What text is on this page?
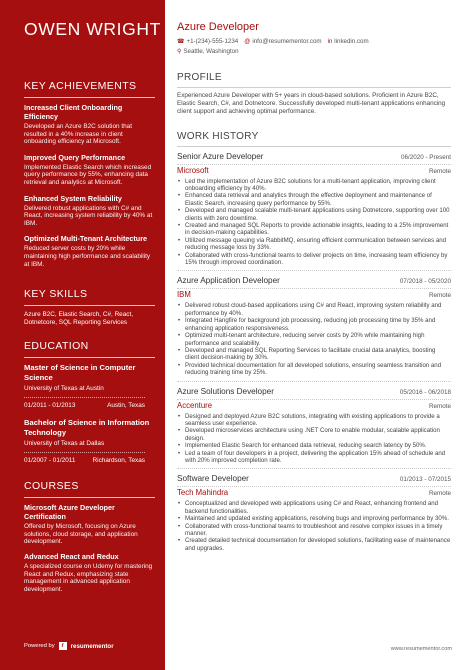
OWEN WRIGHT
KEY ACHIEVEMENTS
Increased Client Onboarding Efficiency
Developed an Azure B2C solution that resulted in a 40% increase in client onboarding efficiency at Microsoft.
Improved Query Performance
Implemented Elastic Search which increased query performance by 55%, enhancing data retrieval and analytics at Microsoft.
Enhanced System Reliability
Delivered robust applications with C# and React, increasing system reliability by 40% at IBM.
Optimized Multi-Tenant Architecture
Reduced server costs by 20% while maintaining high performance and scalability at IBM.
KEY SKILLS
Azure B2C, Elastic Search, C#, React,
Dotnetcore, SQL Reporting Services
EDUCATION
Master of Science in Computer Science
University of Texas at Austin
01/2011 - 01/2013	Austin, Texas
Bachelor of Science in Information Technology
University of Texas at Dallas
01/2007 - 01/2011	Richardson, Texas
COURSES
Microsoft Azure Developer Certification
Offered by Microsoft, focusing on Azure solutions, cloud storage, and application development.
Advanced React and Redux
A specialized course on Udemy for mastering React and Redux, emphasizing state management in advanced application development.
Powered by	r	resumementor
Azure Developer
☎ +1-(234)-555-1234 @ info@resumementor.com in linkedin.com
⚲ Seattle, Washington
PROFILE
Experienced Azure Developer with 5+ years in cloud-based solutions. Proficient in Azure B2C, Elastic Search, C#, and Dotnetcore. Successfully developed multi-tenant applications enhancing client support and achieving optimal performance.
WORK HISTORY
Senior Azure Developer	06/2020 - Present
Microsoft	Remote
• Led the implementation of Azure B2C solutions for a multi-tenant application, improving client onboarding efficiency by 40%.
• Enhanced data retrieval and analytics through the effective deployment and maintenance of Elastic Search, increasing query performance by 55%.
• Developed and managed scalable multi-tenant applications using Dotnetcore, supporting over 100 clients with zero downtime.
• Created and managed SQL Reports to provide actionable insights, leading to a 25% improvement in decision-making capabilities.
• Utilized message queuing via RabbitMQ, ensuring efficient communication between services and reducing message loss by 33%.
• Collaborated with cross-functional teams to deliver projects on time, increasing team efficiency by 15% through improved coordination.
Azure Application Developer	07/2018 - 05/2020
IBM	Remote
• Delivered robust cloud-based applications using C# and React, improving system reliability and performance by 40%.
• Integrated Hangfire for background job processing, reducing job processing time by 35% and enhancing application responsiveness.
• Optimized multi-tenant architecture, reducing server costs by 20% while maintaining high performance and scalability.
• Developed and managed SQL Reporting Services to facilitate crucial data analytics, boosting client decision-making by 30%.
• Provided technical documentation for all developed solutions, ensuring seamless transition and reducing training time by 25%.
Azure Solutions Developer	05/2016 - 06/2018
Accenture	Remote
• Designed and deployed Azure B2C solutions, integrating with existing applications to provide a seamless user experience.
• Developed microservices architecture using .NET Core to enable modular, scalable application design.
• Implemented Elastic Search for enhanced data retrieval, reducing search latency by 50%.
• Led a team of four developers in a project, delivering the application 15% ahead of schedule and with 20% improved completion rate.
Software Developer	01/2013 - 07/2015
Tech Mahindra	Remote
• Conceptualized and developed web applications using C# and React, enhancing frontend and backend functionalities.
• Maintained and updated existing applications, resolving bugs and improving performance by 30%.
• Collaborated with cross-functional teams to troubleshoot and resolve complex issues in a timely manner.
• Created detailed technical documentation for developed solutions, facilitating ease of maintenance and upgrades.
www.resumementor.com
